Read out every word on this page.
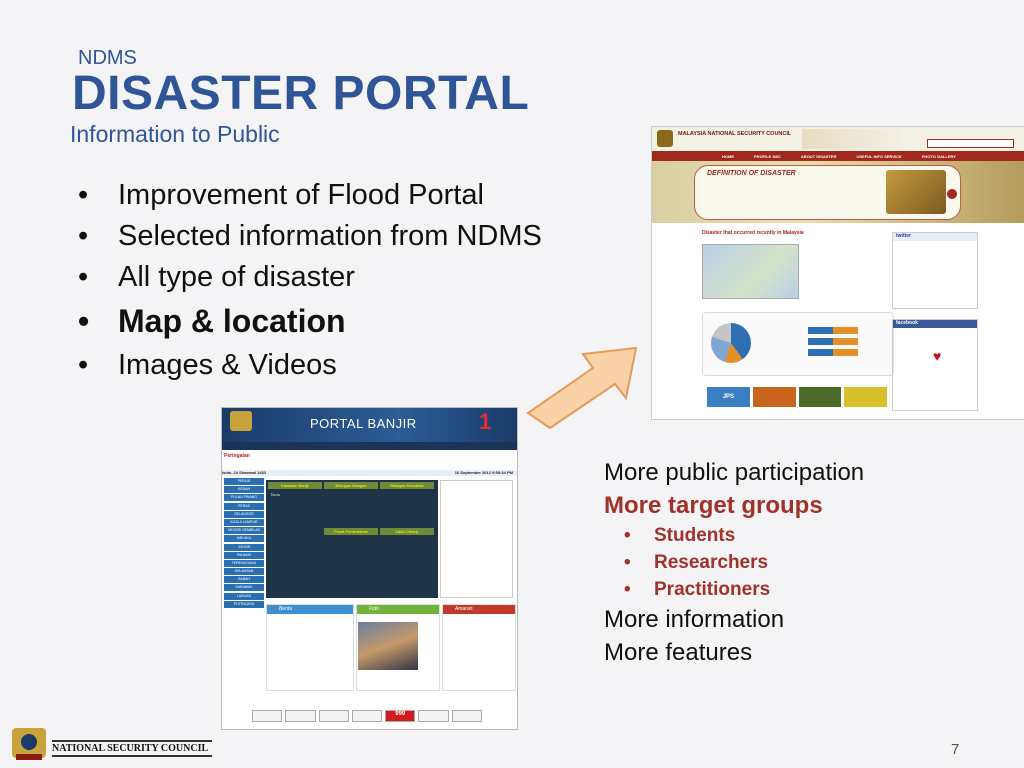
NDMS
DISASTER PORTAL
Information to Public
• Improvement of Flood Portal
• Selected information from NDMS
• All type of disaster
• Map & location
• Images & Videos
MALAYSIA NATIONAL SECURITY COUNCIL
HOME	PROFILE NSC	ABOUT DISASTER	USEFUL INFO SERVICE	PHOTO GALLERY
DEFINITION OF DISASTER
Disaster that occurred recently in Malaysia	twitter
facebook
♥
JPS
PORTAL BANJIR	1
Peringatan
Isnin, 24 Shawwal 1433	10 September 2012 9:55:34 PM
PERLIS
KEDAH
PULAU PINANG
PERAK
SELANGOR
KUALA LUMPUR
NEGERI SEMBILAN
MELAKA
JOHOR
PAHANG
TERENGGANU
KELANTAN
SABAH
SARAWAK
LABUAN
PUTRAJAYA
Kawasan Banjir	Bilangan Mangsa	Bilangan Kematian
Tiada
Pusat Pemindahan	Jalan Ditutup
Berita	Foto	Amaran
999
More public participation
More target groups
• Students
• Researchers
• Practitioners
More information
More features
NATIONAL SECURITY COUNCIL	7
